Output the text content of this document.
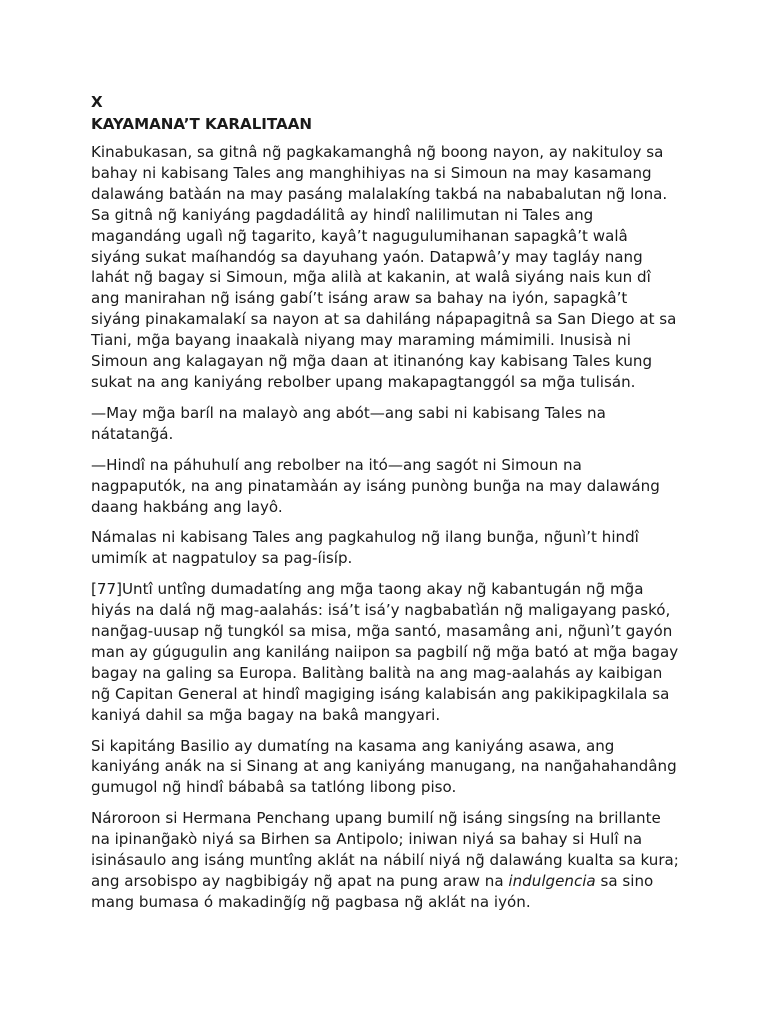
X
KAYAMANA’T KARALITAAN

Kinabukasan, sa gitnâ ng̃ pagkakamanghâ ng̃ boong nayon, ay nakituloy sa
bahay ni kabisang Tales ang manghihiyas na si Simoun na may kasamang
dalawáng batàán na may pasáng malalakíng takbá na nababalutan ng̃ lona.
Sa gitnâ ng̃ kaniyáng pagdadálitâ ay hindî nalilimutan ni Tales ang
magandáng ugalì ng̃ tagarito, kayâ’t nagugulumihanan sapagkâ’t walâ
siyáng sukat maíhandóg sa dayuhang yaón. Datapwâ’y may tagláy nang
lahát ng̃ bagay si Simoun, mg̃a alilà at kakanin, at walâ siyáng nais kun dî
ang manirahan ng̃ isáng gabí’t isáng araw sa bahay na iyón, sapagkâ’t
siyáng pinakamalakí sa nayon at sa dahiláng nápapagitnâ sa San Diego at sa
Tiani, mg̃a bayang inaakalà niyang may maraming mámimili. Inusisà ni
Simoun ang kalagayan ng̃ mg̃a daan at itinanóng kay kabisang Tales kung
sukat na ang kaniyáng rebolber upang makapagtanggól sa mg̃a tulisán.

—May mg̃a baríl na malayò ang abót—ang sabi ni kabisang Tales na
nátatang̃á.

—Hindî na páhuhulí ang rebolber na itó—ang sagót ni Simoun na
nagpaputók, na ang pinatamàán ay isáng punòng bung̃a na may dalawáng
daang hakbáng ang layô.

Námalas ni kabisang Tales ang pagkahulog ng̃ ilang bung̃a, ng̃unì’t hindî
umimík at nagpatuloy sa pag-íisíp.

[77]Untî untîng dumadatíng ang mg̃a taong akay ng̃ kabantugán ng̃ mg̃a
hiyás na dalá ng̃ mag-aalahás: isá’t isá’y nagbabatìán ng̃ maligayang paskó,
nang̃ag-uusap ng̃ tungkól sa misa, mg̃a santó, masamâng ani, ng̃unì’t gayón
man ay gúgugulin ang kaniláng naiipon sa pagbilí ng̃ mg̃a bató at mg̃a bagay
bagay na galing sa Europa. Balitàng balità na ang mag-aalahás ay kaibigan
ng̃ Capitan General at hindî magiging isáng kalabisán ang pakikipagkilala sa
kaniyá dahil sa mg̃a bagay na bakâ mangyari.

Si kapitáng Basilio ay dumatíng na kasama ang kaniyáng asawa, ang
kaniyáng anák na si Sinang at ang kaniyáng manugang, na nang̃ahahandâng
gumugol ng̃ hindî bábabâ sa tatlóng libong piso.

Nároroon si Hermana Penchang upang bumilí ng̃ isáng singsíng na brillante
na ipinang̃akò niyá sa Birhen sa Antipolo; iniwan niyá sa bahay si Hulî na
isinásaulo ang isáng muntîng aklát na nábilí niyá ng̃ dalawáng kualta sa kura;

ang arsobispo ay nagbibigáy ng̃ apat na pung araw na indulgencia sa sino
mang bumasa ó makading̃íg ng̃ pagbasa ng̃ aklát na iyón.
